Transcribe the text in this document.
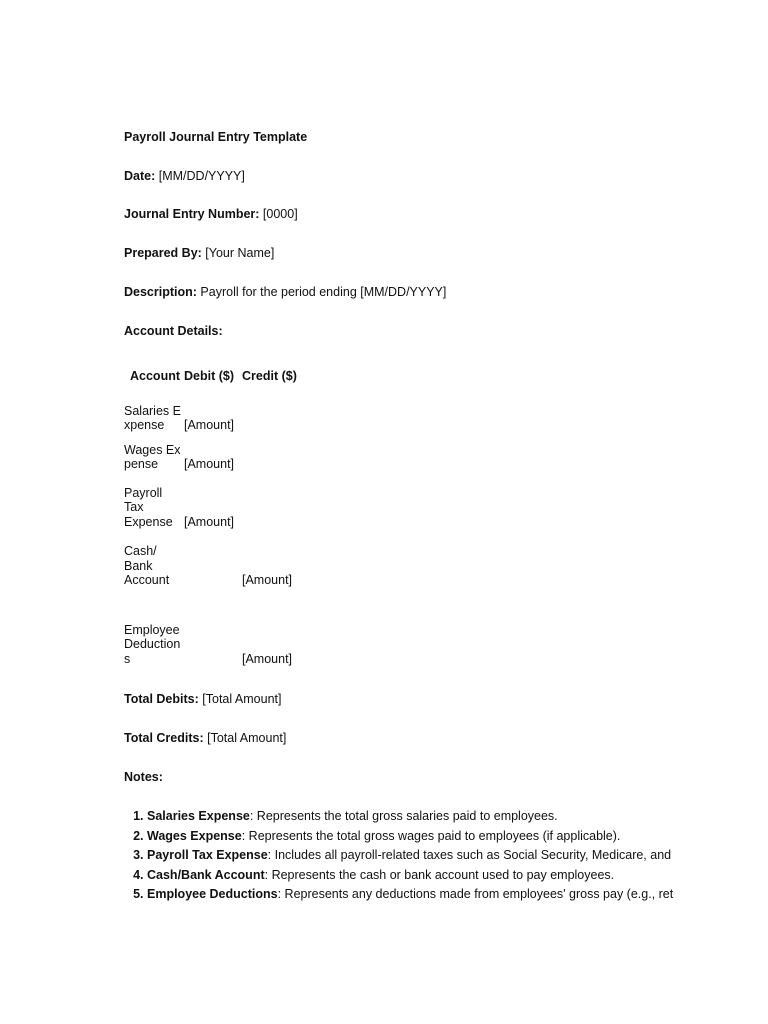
Payroll Journal Entry Template
Date: [MM/DD/YYYY]
Journal Entry Number: [0000]
Prepared By: [Your Name]
Description: Payroll for the period ending [MM/DD/YYYY]
Account Details:
Account	Debit ($)	Credit ($)
Salaries Expense	[Amount]	
Wages Expense	[Amount]	
Payroll Tax Expense	[Amount]	
Cash/ Bank Account		[Amount]
Employee Deductions		[Amount]
Total Debits: [Total Amount]
Total Credits: [Total Amount]
Notes:
1. Salaries Expense: Represents the total gross salaries paid to employees.
2. Wages Expense: Represents the total gross wages paid to employees (if applicable).
3. Payroll Tax Expense: Includes all payroll-related taxes such as Social Security, Medicare, and
4. Cash/Bank Account: Represents the cash or bank account used to pay employees.
5. Employee Deductions: Represents any deductions made from employees' gross pay (e.g., ret
